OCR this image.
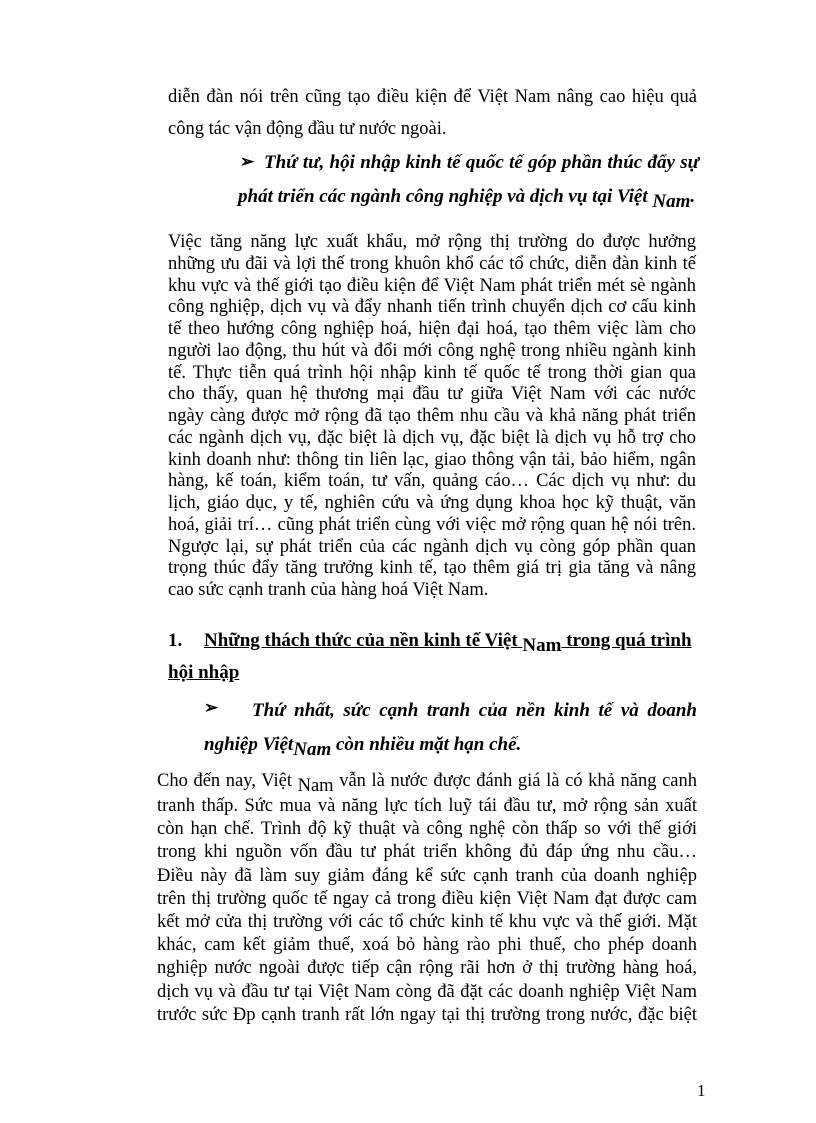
diễn đàn nói trên cũng tạo điều kiện để Việt Nam nâng cao hiệu quả
công tác vận động đầu tư nước ngoài.
➢ Thứ tư, hội nhập kinh tế quốc tế góp phần thúc đẩy sự
phát triển các ngành công nghiệp và dịch vụ tại Việt Nam.
Việc tăng năng lực xuất khẩu, mở rộng thị trường do được hưởng
những ưu đãi và lợi thế trong khuôn khổ các tổ chức, diễn đàn kinh tế
khu vực và thế giới tạo điều kiện để Việt Nam phát triển mét sè ngành
công nghiệp, dịch vụ và đẩy nhanh tiến trình chuyển dịch cơ cấu kinh
tế theo hướng công nghiệp hoá, hiện đại hoá, tạo thêm việc làm cho
người lao động, thu hút và đổi mới công nghệ trong nhiều ngành kinh
tế. Thực tiễn quá trình hội nhập kinh tế quốc tế trong thời gian qua
cho thấy, quan hệ thương mại đầu tư giữa Việt Nam với các nước
ngày càng được mở rộng đã tạo thêm nhu cầu và khả năng phát triển
các ngành dịch vụ, đặc biệt là dịch vụ, đặc biệt là dịch vụ hỗ trợ cho
kinh doanh như: thông tin liên lạc, giao thông vận tải, bảo hiểm, ngân
hàng, kế toán, kiểm toán, tư vấn, quảng cáo… Các dịch vụ như: du
lịch, giáo dục, y tế, nghiên cứu và ứng dụng khoa học kỹ thuật, văn
hoá, giải trí… cũng phát triển cùng với việc mở rộng quan hệ nói trên.
Ngược lại, sự phát triển của các ngành dịch vụ còng góp phần quan
trọng thúc đẩy tăng trưởng kinh tế, tạo thêm giá trị gia tăng và nâng
cao sức cạnh tranh của hàng hoá Việt Nam.
1. Những thách thức của nền kinh tế Việt Nam trong quá trình
hội nhập
➢ Thứ nhất, sức cạnh tranh của nền kinh tế và doanh
nghiệp ViệtNam còn nhiều mặt hạn chế.
Cho đến nay, Việt Nam vẫn là nước được đánh giá là có khả năng canh
tranh thấp. Sức mua và năng lực tích luỹ tái đầu tư, mở rộng sản xuất
còn hạn chế. Trình độ kỹ thuật và công nghệ còn thấp so với thế giới
trong khi nguồn vốn đầu tư phát triển không đủ đáp ứng nhu cầu…
Điều này đã làm suy giảm đáng kể sức cạnh tranh của doanh nghiệp
trên thị trường quốc tế ngay cả trong điều kiện Việt Nam đạt được cam
kết mở cửa thị trường với các tổ chức kinh tế khu vực và thế giới. Mặt
khác, cam kết giảm thuế, xoá bỏ hàng rào phi thuế, cho phép doanh
nghiệp nước ngoài được tiếp cận rộng rãi hơn ở thị trường hàng hoá,
dịch vụ và đầu tư tại Việt Nam còng đã đặt các doanh nghiệp Việt Nam
trước sức Ðp cạnh tranh rất lớn ngay tại thị trường trong nước, đặc biệt
1
